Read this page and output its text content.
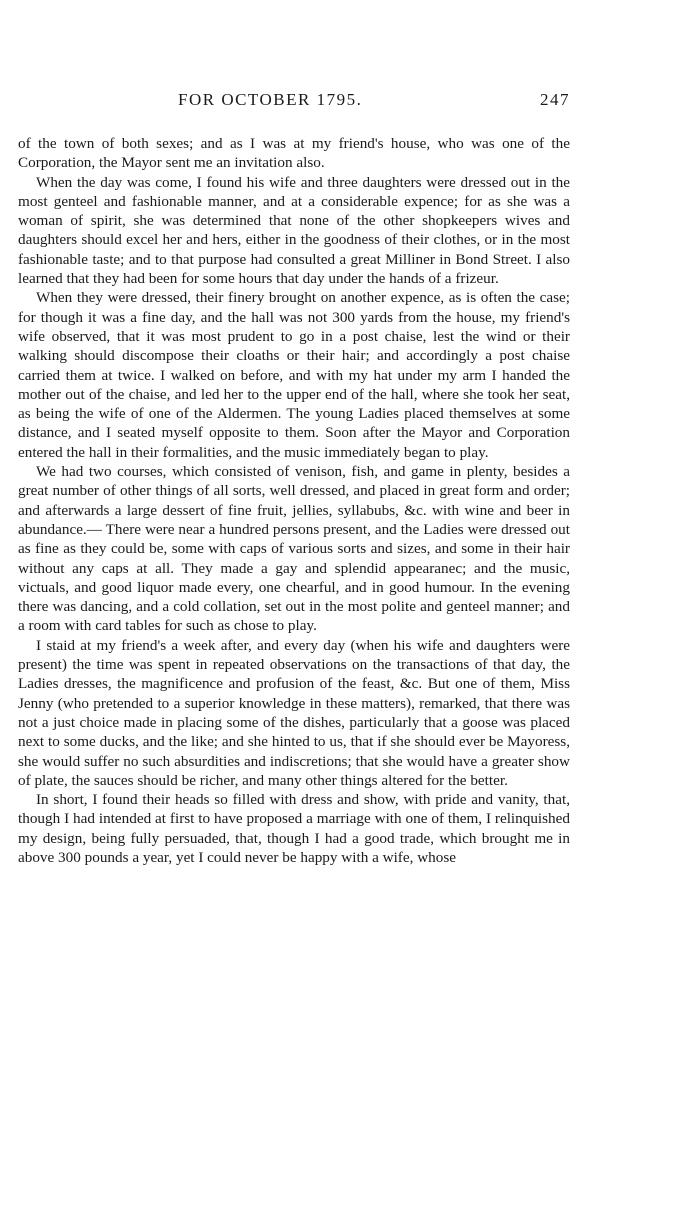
FOR OCTOBER 1795.	247

of the town of both sexes; and as I was at my friend's house, who was one of the Corporation, the Mayor sent me an invitation also.

When the day was come, I found his wife and three daughters were dressed out in the most genteel and fashionable manner, and at a considerable expence; for as she was a woman of spirit, she was determined that none of the other shopkeepers wives and daughters should excel her and hers, either in the goodness of their clothes, or in the most fashionable taste; and to that purpose had consulted a great Milliner in Bond Street. I also learned that they had been for some hours that day under the hands of a frizeur.

When they were dressed, their finery brought on another expence, as is often the case; for though it was a fine day, and the hall was not 300 yards from the house, my friend's wife observed, that it was most prudent to go in a post chaise, lest the wind or their walking should discompose their cloaths or their hair; and accordingly a post chaise carried them at twice. I walked on before, and with my hat under my arm I handed the mother out of the chaise, and led her to the upper end of the hall, where she took her seat, as being the wife of one of the Aldermen. The young Ladies placed themselves at some distance, and I seated myself opposite to them. Soon after the Mayor and Corporation entered the hall in their formalities, and the music immediately began to play.

We had two courses, which consisted of venison, fish, and game in plenty, besides a great number of other things of all sorts, well dressed, and placed in great form and order; and afterwards a large dessert of fine fruit, jellies, syllabubs, &c. with wine and beer in abundance.— There were near a hundred persons present, and the Ladies were dressed out as fine as they could be, some with caps of various sorts and sizes, and some in their hair without any caps at all. They made a gay and splendid appearanec; and the music, victuals, and good liquor made every, one chearful, and in good humour. In the evening there was dancing, and a cold collation, set out in the most polite and genteel manner; and a room with card tables for such as chose to play.

I staid at my friend's a week after, and every day (when his wife and daughters were present) the time was spent in repeated observations on the transactions of that day, the Ladies dresses, the magnificence and profusion of the feast, &c. But one of them, Miss Jenny (who pretended to a superior knowledge in these matters), remarked, that there was not a just choice made in placing some of the dishes, particularly that a goose was placed next to some ducks, and the like; and she hinted to us, that if she should ever be Mayoress, she would suffer no such absurdities and indiscretions; that she would have a greater show of plate, the sauces should be richer, and many other things altered for the better.

In short, I found their heads so filled with dress and show, with pride and vanity, that, though I had intended at first to have proposed a marriage with one of them, I relinquished my design, being fully persuaded, that, though I had a good trade, which brought me in above 300 pounds a year, yet I could never be happy with a wife, whose
